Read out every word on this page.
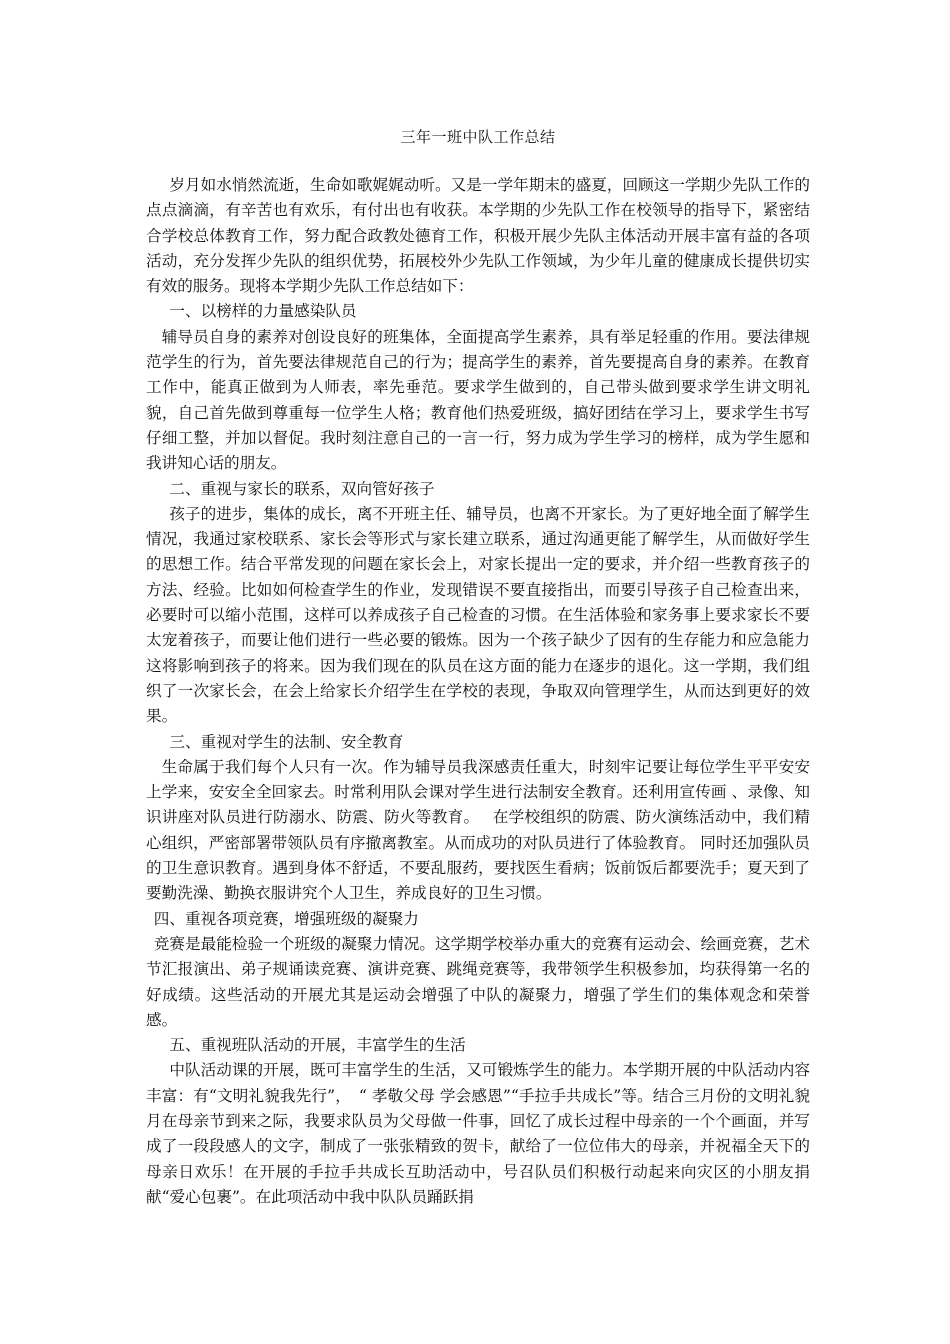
三年一班中队工作总结

岁月如水悄然流逝，生命如歌娓娓动听。又是一学年期末的盛夏，回顾这一学期少先队工作的点点滴滴，有辛苦也有欢乐，有付出也有收获。本学期的少先队工作在校领导的指导下，紧密结合学校总体教育工作，努力配合政教处德育工作，积极开展少先队主体活动开展丰富有益的各项活动，充分发挥少先队的组织优势，拓展校外少先队工作领域，为少年儿童的健康成长提供切实有效的服务。现将本学期少先队工作总结如下：

一、以榜样的力量感染队员

辅导员自身的素养对创设良好的班集体，全面提高学生素养，具有举足轻重的作用。要法律规范学生的行为，首先要法律规范自己的行为；提高学生的素养，首先要提高自身的素养。在教育工作中，能真正做到为人师表，率先垂范。要求学生做到的，自己带头做到要求学生讲文明礼貌，自己首先做到尊重每一位学生人格；教育他们热爱班级，搞好团结在学习上，要求学生书写仔细工整，并加以督促。我时刻注意自己的一言一行，努力成为学生学习的榜样，成为学生愿和我讲知心话的朋友。

二、重视与家长的联系，双向管好孩子

孩子的进步，集体的成长，离不开班主任、辅导员，也离不开家长。为了更好地全面了解学生情况，我通过家校联系、家长会等形式与家长建立联系，通过沟通更能了解学生，从而做好学生的思想工作。结合平常发现的问题在家长会上，对家长提出一定的要求，并介绍一些教育孩子的方法、经验。比如如何检查学生的作业，发现错误不要直接指出，而要引导孩子自己检查出来，必要时可以缩小范围，这样可以养成孩子自己检查的习惯。在生活体验和家务事上要求家长不要太宠着孩子，而要让他们进行一些必要的锻炼。因为一个孩子缺少了因有的生存能力和应急能力这将影响到孩子的将来。因为我们现在的队员在这方面的能力在逐步的退化。这一学期，我们组织了一次家长会，在会上给家长介绍学生在学校的表现，争取双向管理学生，从而达到更好的效果。

三、重视对学生的法制、安全教育

生命属于我们每个人只有一次。作为辅导员我深感责任重大，时刻牢记要让每位学生平平安安上学来，安安全全回家去。时常利用队会课对学生进行法制安全教育。还利用宣传画 、录像、知识讲座对队员进行防溺水、防震、防火等教育。　 在学校组织的防震、防火演练活动中，我们精心组织，严密部署带领队员有序撤离教室。从而成功的对队员进行了体验教育。 同时还加强队员的卫生意识教育。遇到身体不舒适，不要乱服药，要找医生看病；饭前饭后都要洗手；夏天到了要勤洗澡、勤换衣服讲究个人卫生，养成良好的卫生习惯。

四、重视各项竞赛，增强班级的凝聚力

竞赛是最能检验一个班级的凝聚力情况。这学期学校举办重大的竞赛有运动会、绘画竞赛，艺术节汇报演出、弟子规诵读竞赛、演讲竞赛、跳绳竞赛等，我带领学生积极参加，均获得第一名的好成绩。这些活动的开展尤其是运动会增强了中队的凝聚力，增强了学生们的集体观念和荣誉感。

五、重视班队活动的开展，丰富学生的生活

中队活动课的开展，既可丰富学生的生活，又可锻炼学生的能力。本学期开展的中队活动内容丰富：有“文明礼貌我先行”，　“ 孝敬父母 学会感恩”“手拉手共成长”等。结合三月份的文明礼貌月在母亲节到来之际，我要求队员为父母做一件事，回忆了成长过程中母亲的一个个画面，并写成了一段段感人的文字，制成了一张张精致的贺卡，献给了一位位伟大的母亲，并祝福全天下的母亲日欢乐！在开展的手拉手共成长互助活动中，号召队员们积极行动起来向灾区的小朋友捐献“爱心包裹”。在此项活动中我中队队员踊跃捐
